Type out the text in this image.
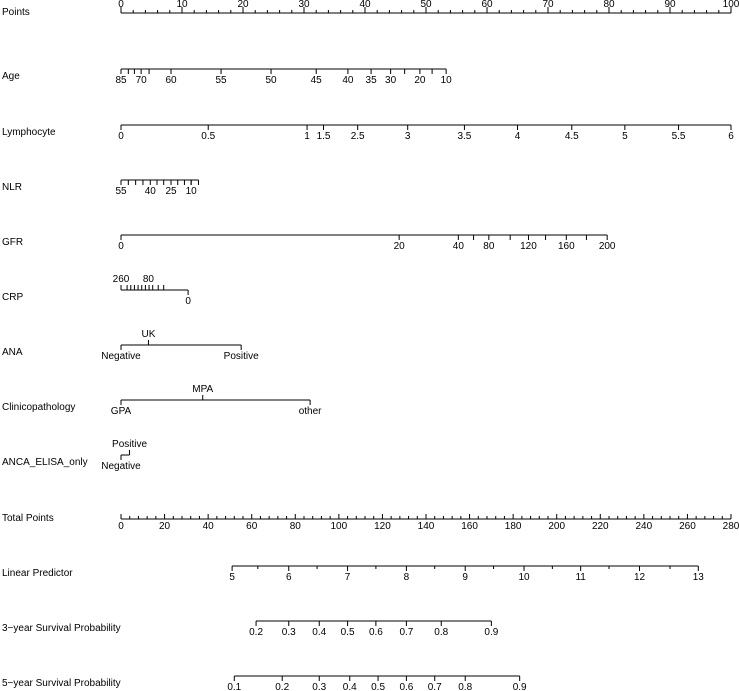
Points
0	10	20	30	40	50	60	70	80	90	100
Age	85 70 60	55	50	45 40 35 30 20 10
Lymphocyte	0	0.5	1 1.5 2.5	3	3.5	4	4.5	5	5.5	6
NLR	55 40 25 10
GFR	0	20	40 80	120 160 200
CRP
260 80
0
ANA	Negative
UK
Positive
Clinicopathology	GPA
MPA
other
ANCA_ELISA_only Negative
Positive
Total Points
0	20	40	60	80	100	120	140	160	180	200	220	240	260	280
Linear Predictor	5	6	7	8	9	10	11	12	13
3−year Survival Probability	0.2 0.3 0.4 0.5 0.6 0.7 0.8	0.9
5−year Survival Probability	0.1	0.2 0.3 0.4 0.5 0.6 0.7 0.8	0.9
